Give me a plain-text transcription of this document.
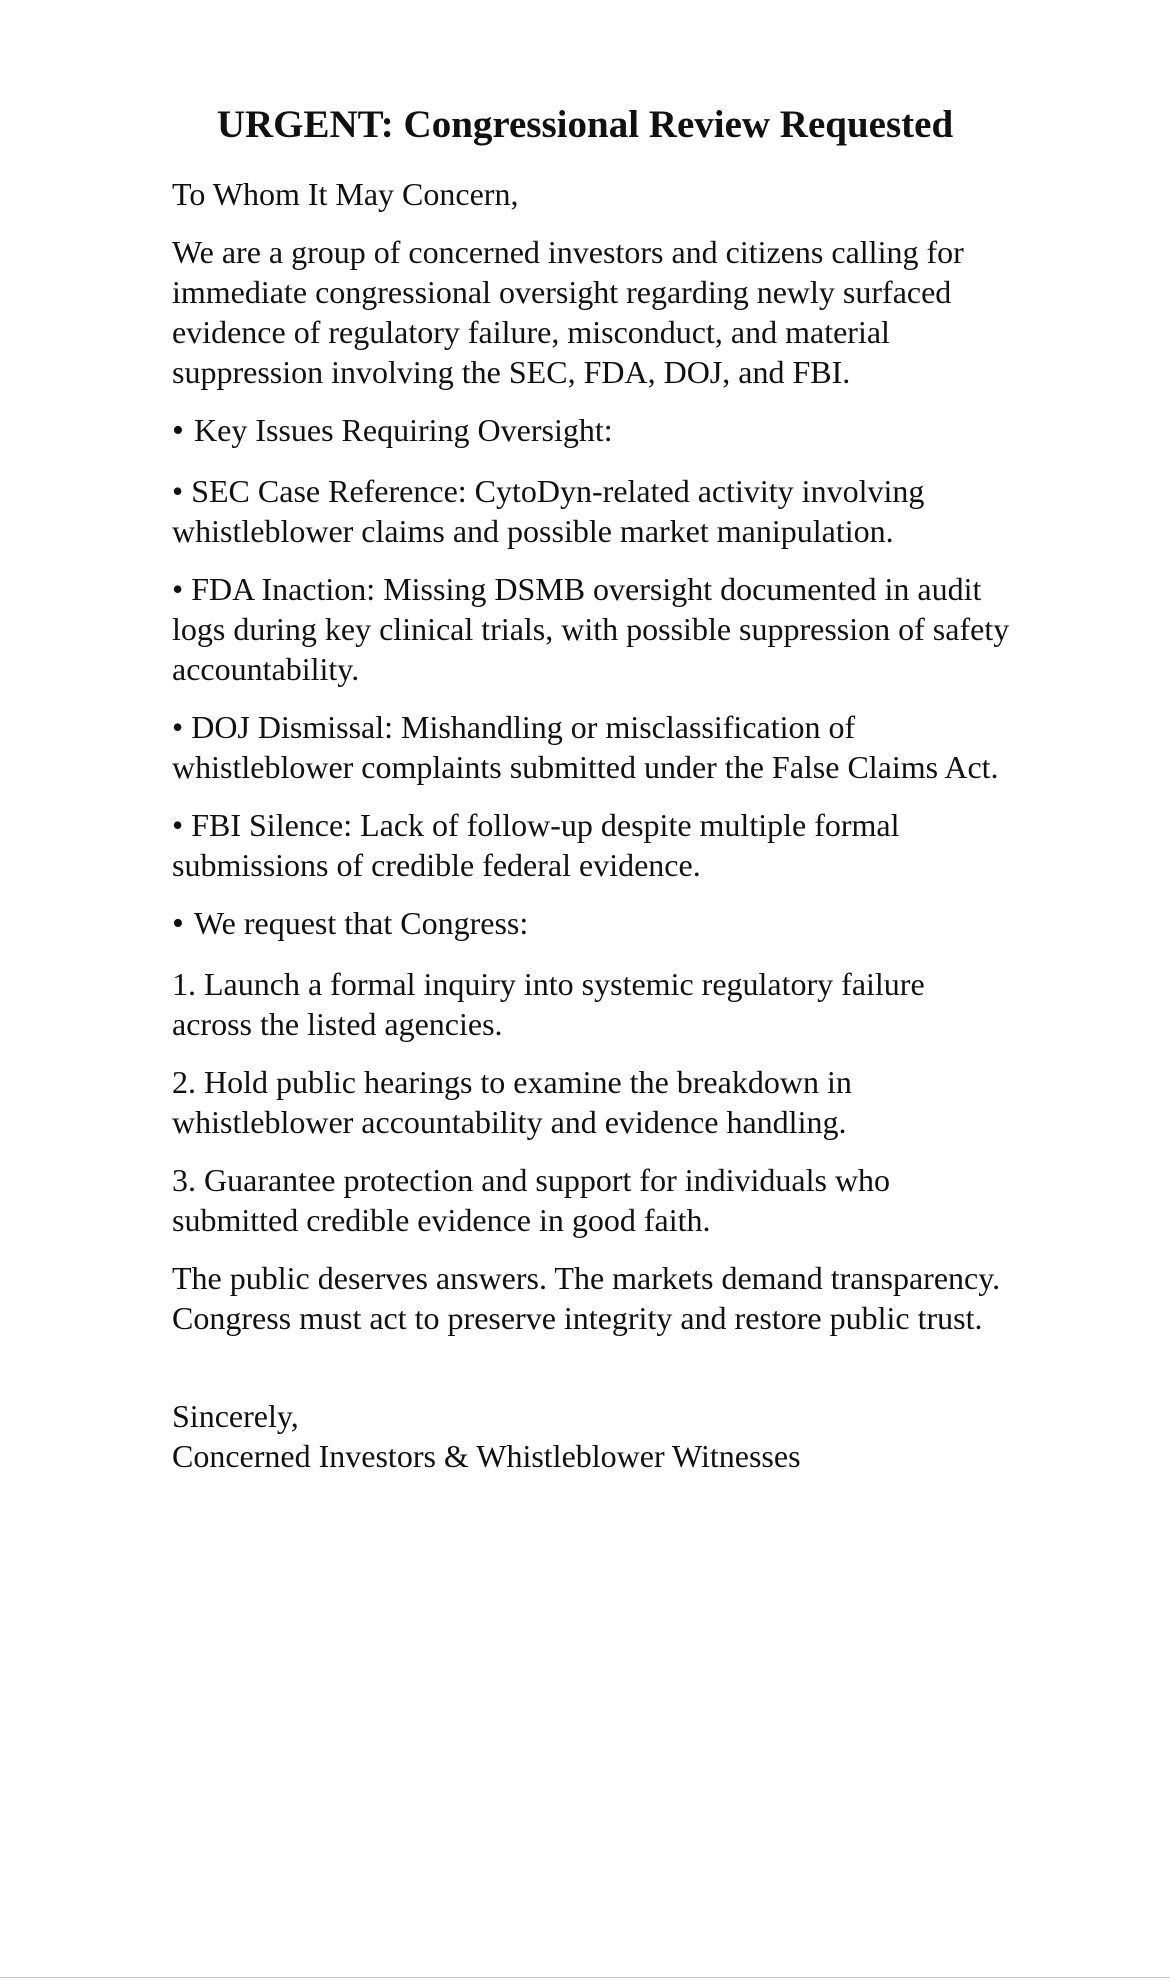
URGENT: Congressional Review Requested

To Whom It May Concern,

We are a group of concerned investors and citizens calling for immediate congressional oversight regarding newly surfaced evidence of regulatory failure, misconduct, and material suppression involving the SEC, FDA, DOJ, and FBI.

• Key Issues Requiring Oversight:

• SEC Case Reference: CytoDyn-related activity involving whistleblower claims and possible market manipulation.

• FDA Inaction: Missing DSMB oversight documented in audit logs during key clinical trials, with possible suppression of safety accountability.

• DOJ Dismissal: Mishandling or misclassification of whistleblower complaints submitted under the False Claims Act.

• FBI Silence: Lack of follow-up despite multiple formal submissions of credible federal evidence.

• We request that Congress:

1. Launch a formal inquiry into systemic regulatory failure across the listed agencies.

2. Hold public hearings to examine the breakdown in whistleblower accountability and evidence handling.

3. Guarantee protection and support for individuals who submitted credible evidence in good faith.

The public deserves answers. The markets demand transparency. Congress must act to preserve integrity and restore public trust.

Sincerely,

Concerned Investors & Whistleblower Witnesses
